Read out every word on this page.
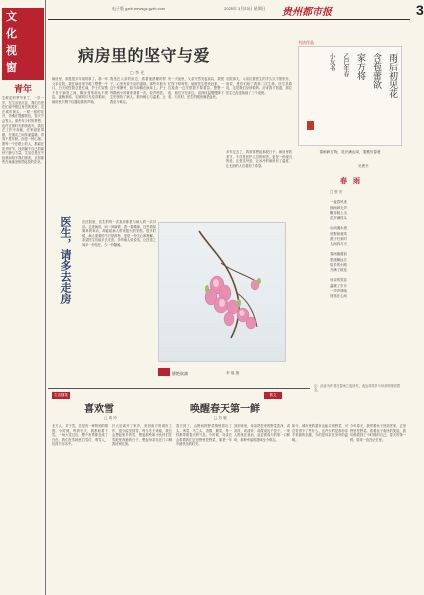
文
化
视
窗
青年
生鲜花的季节来了，一岁一岁，在生活里沉淀，我们总是在忙碌中错过身边的美好。走在城市街头，一树一树的花开，仿佛在提醒我们，春天不会等人。那些年少时的梦想，也许正被时光悄悄改写。我们在工作中奔跑，在家庭里奉献，在朋友之间传递温暖。青春不是年龄，而是一种心境。愿每一个在路上的人，都能在花开时节，找到属于自己的那份宁静与力量。生活总是在不经意间给予我们惊喜，正如那些在角落里悄然绽放的花朵。
电子版 gzrb.newsgz.gzrb.com	2025年 3月23日 星期日 贵州都市报	3
病房里的坚守与爱
□ 李 光
病房里，那是很多年前的事了。那一年父亲住院，我在病房里守候了整整一个月。白天的医院总是忙碌，护士们穿梭于各个病房之间，脚步匆匆却从不慌乱。夜晚来临，走廊的灯光变得柔和，病房里只剩下仪器轻微的声响。
我坐在父亲的床边，看着他熟睡的样子，心里有说不出的滋味。那些年他为这个家操劳，如今却躺在病床上。护士每隔两小时就来查看一次，轻声细语，生怕惊扰了病人。那份耐心与温柔，让我至今难忘。
有一天夜里，父亲突然发起高烧，我慌忙按下呼叫铃。值班医生很快赶来，一边检查一边安慰我不要着急。整整一夜，他们守在床边，直到体温慢慢降下来。天亮时，医生的眼里满是血丝。
出院那天，父亲拉着医生的手久久不愿松开。他说，是你们给了我第二次生命。医生笑着说，这是我们应该做的。后来我才知道，那位医生已经连续值了三个夜班。
多年过去了，我常常想起那段日子。病房里的坚守，不仅是医护人员的职责，更是一份深沉的爱。正是这份爱，让冰冷的病房有了温度，让无助的人们看到了希望。
书法作品
雨后初见花
含苞蕾欲
家方将
乙巳年春
小友书
春雨润万物，花开满山岗，笔墨写春意
吴俊书
春雨
□ 张 芳

一夜春风来
细雨润无声
嫩芽破土出
花开满枝头

山间溪水流
田野绿意浓
燕子归来时
人间四月天

春雨落窗前
思绪飘远方
故乡的小路
开满了桃花

母亲的笑容
温暖了岁月
一声声呼唤
回荡在心间
注：此诗为作者在春雨之夜所作，表达对故乡与母亲的深切思念。
医生，请多去走房	在医院里，医生的每一次查房都是与病人的一次对话。走进病房，问一问病情，看一看精神，这些看似简单的举动，却能给病人带来极大的安慰。很多时候，病人需要的不只是药物，更是一份关心和理解。希望医生们能多去走房，多听病人说说话，让医患之间多一份信任，少一份隔阂。
娇艳欲滴	李 瑞 摄
生活随笔
喜欢雪
□ 周 玲
北方人，对于雪，总是有一种特别的情感。小时候，每到冬天，我都盼着下雪。一场大雪过后，整个世界都变成了白色，我们在雪地里打雪仗、堆雪人，玩得不亦乐乎。
长大后离开了家乡，来到南方的城市工作，很少能见到雪。每当冬天来临，我总会想起家乡的雪，想起那些和小伙伴们在雪地里奔跑的日子，想起母亲站在门口喊我回家吃饭。
散文
唤醒春天第一鲜
□ 苏 敏
春天到了，山野间的野菜悄悄冒出了头。荠菜、马兰头、香椿、蕨菜，每一样都带着春天的气息。小时候，母亲总会带着我们去田野里挖野菜，那是一年中最快乐的时光。
回到家里，母亲把挖来的野菜洗净，或凉拌，或清炒，或做成包子饺子。一家人围坐在桌前，品尝着春天的第一口鲜味，那种幸福的滋味至今难忘。
如今，城市里的超市也能买到野菜，可总觉得少了些什么。也许少的是那份亲手采摘的乐趣，少的是母亲在身旁的温暖。
今年春天，我带着孩子回到老家，去田野里挖野菜。看着孩子欢快的笑脸，我仿佛看到了小时候的自己。春天的第一鲜，原来一直在记忆里。
